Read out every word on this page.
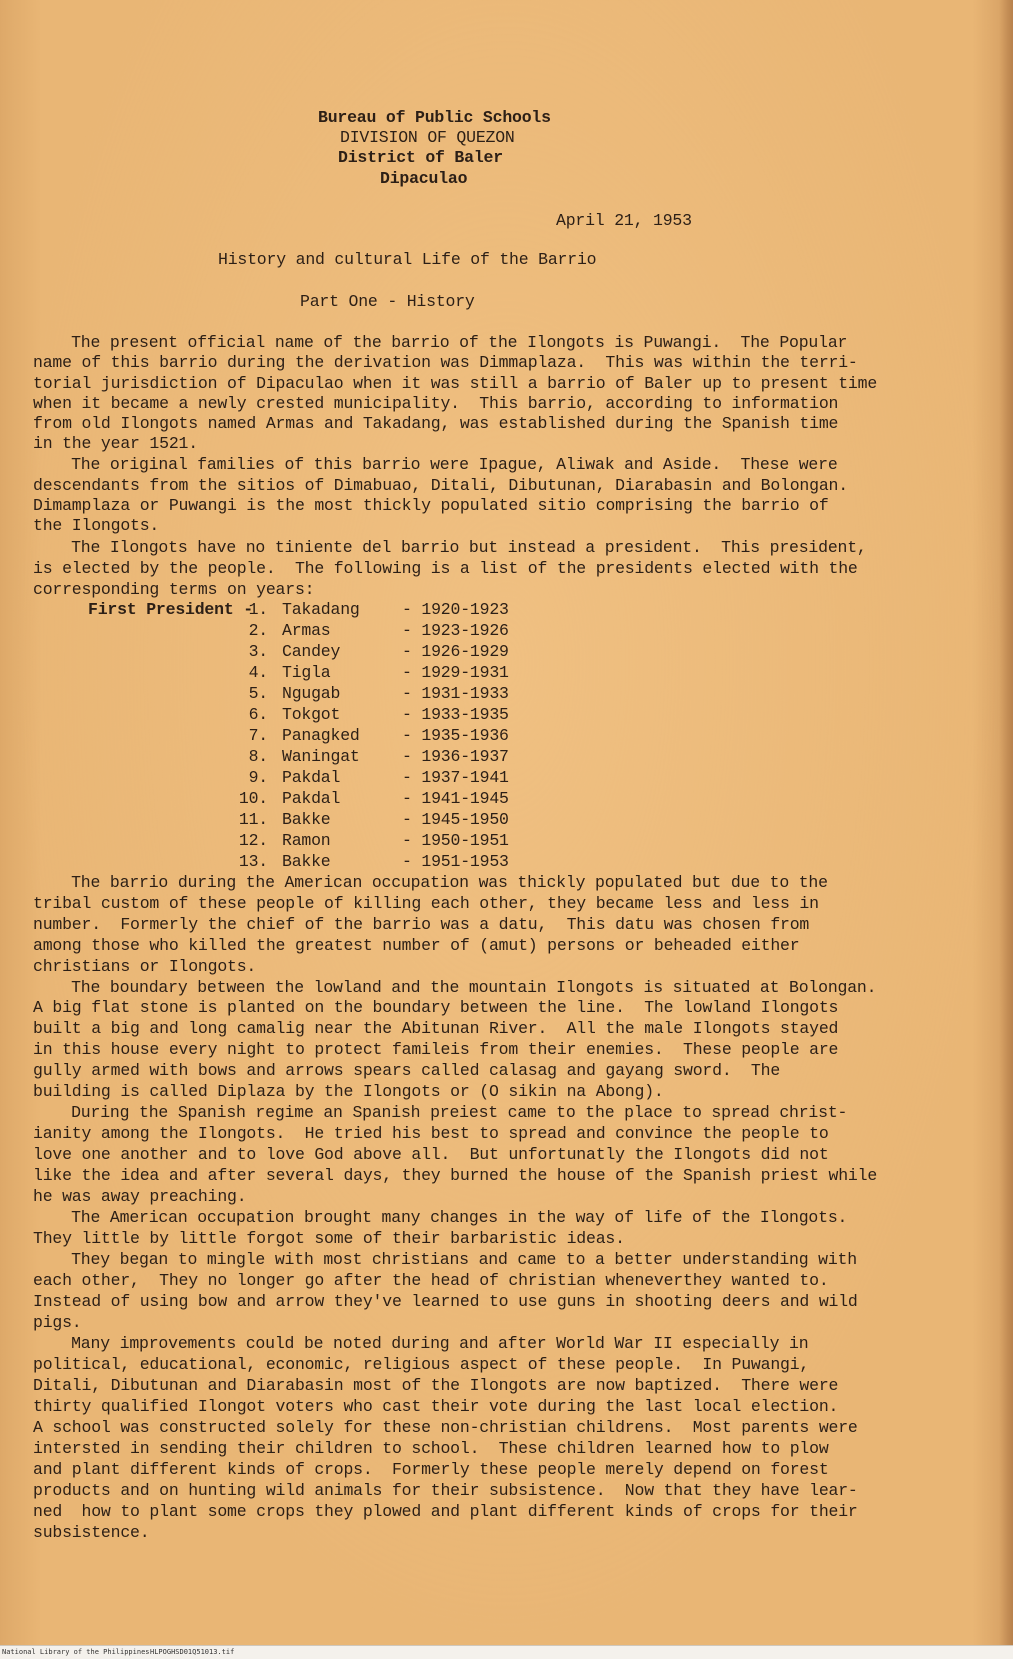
Bureau of Public Schools
DIVISION OF QUEZON
District of Baler
Dipaculao
April 21, 1953
History and cultural Life of the Barrio
Part One - History
The present official name of the barrio of the Ilongots is Puwangi.  The Popular
name of this barrio during the derivation was Dimmaplaza.  This was within the terri-
torial jurisdiction of Dipaculao when it was still a barrio of Baler up to present time
when it became a newly crested municipality.  This barrio, according to information
from old Ilongots named Armas and Takadang, was established during the Spanish time
in the year 1521.
The original families of this barrio were Ipague, Aliwak and Aside.  These were
descendants from the sitios of Dimabuao, Ditali, Dibutunan, Diarabasin and Bolongan.
Dimamplaza or Puwangi is the most thickly populated sitio comprising the barrio of
the Ilongots.
The Ilongots have no tiniente del barrio but instead a president.  This president,
is elected by the people.  The following is a list of the presidents elected with the
corresponding terms on years:
First President -
1. Takadang	- 1920-1923
2. Armas	- 1923-1926
3. Candey	- 1926-1929
4. Tigla	- 1929-1931
5. Ngugab	- 1931-1933
6. Tokgot	- 1933-1935
7. Panagked	- 1935-1936
8. Waningat	- 1936-1937
9. Pakdal	- 1937-1941
10. Pakdal	- 1941-1945
11. Bakke	- 1945-1950
12. Ramon	- 1950-1951
13. Bakke	- 1951-1953
The barrio during the American occupation was thickly populated but due to the
tribal custom of these people of killing each other, they became less and less in
number.  Formerly the chief of the barrio was a datu,  This datu was chosen from
among those who killed the greatest number of (amut) persons or beheaded either
christians or Ilongots.
The boundary between the lowland and the mountain Ilongots is situated at Bolongan.
A big flat stone is planted on the boundary between the line.  The lowland Ilongots
built a big and long camalig near the Abitunan River.  All the male Ilongots stayed
in this house every night to protect famileis from their enemies.  These people are
gully armed with bows and arrows spears called calasag and gayang sword.  The
building is called Diplaza by the Ilongots or (O sikin na Abong).
During the Spanish regime an Spanish preiest came to the place to spread christ-
ianity among the Ilongots.  He tried his best to spread and convince the people to
love one another and to love God above all.  But unfortunatly the Ilongots did not
like the idea and after several days, they burned the house of the Spanish priest while
he was away preaching.
The American occupation brought many changes in the way of life of the Ilongots.
They little by little forgot some of their barbaristic ideas.
They began to mingle with most christians and came to a better understanding with
each other,  They no longer go after the head of christian wheneverthey wanted to.
Instead of using bow and arrow they've learned to use guns in shooting deers and wild
pigs.
Many improvements could be noted during and after World War II especially in
political, educational, economic, religious aspect of these people.  In Puwangi,
Ditali, Dibutunan and Diarabasin most of the Ilongots are now baptized.  There were
thirty qualified Ilongot voters who cast their vote during the last local election.
A school was constructed solely for these non-christian childrens.  Most parents were
intersted in sending their children to school.  These children learned how to plow
and plant different kinds of crops.  Formerly these people merely depend on forest
products and on hunting wild animals for their subsistence.  Now that they have lear-
ned  how to plant some crops they plowed and plant different kinds of crops for their
subsistence.
National Library of the Philippines HLPOGHSD01Q51013.tif
